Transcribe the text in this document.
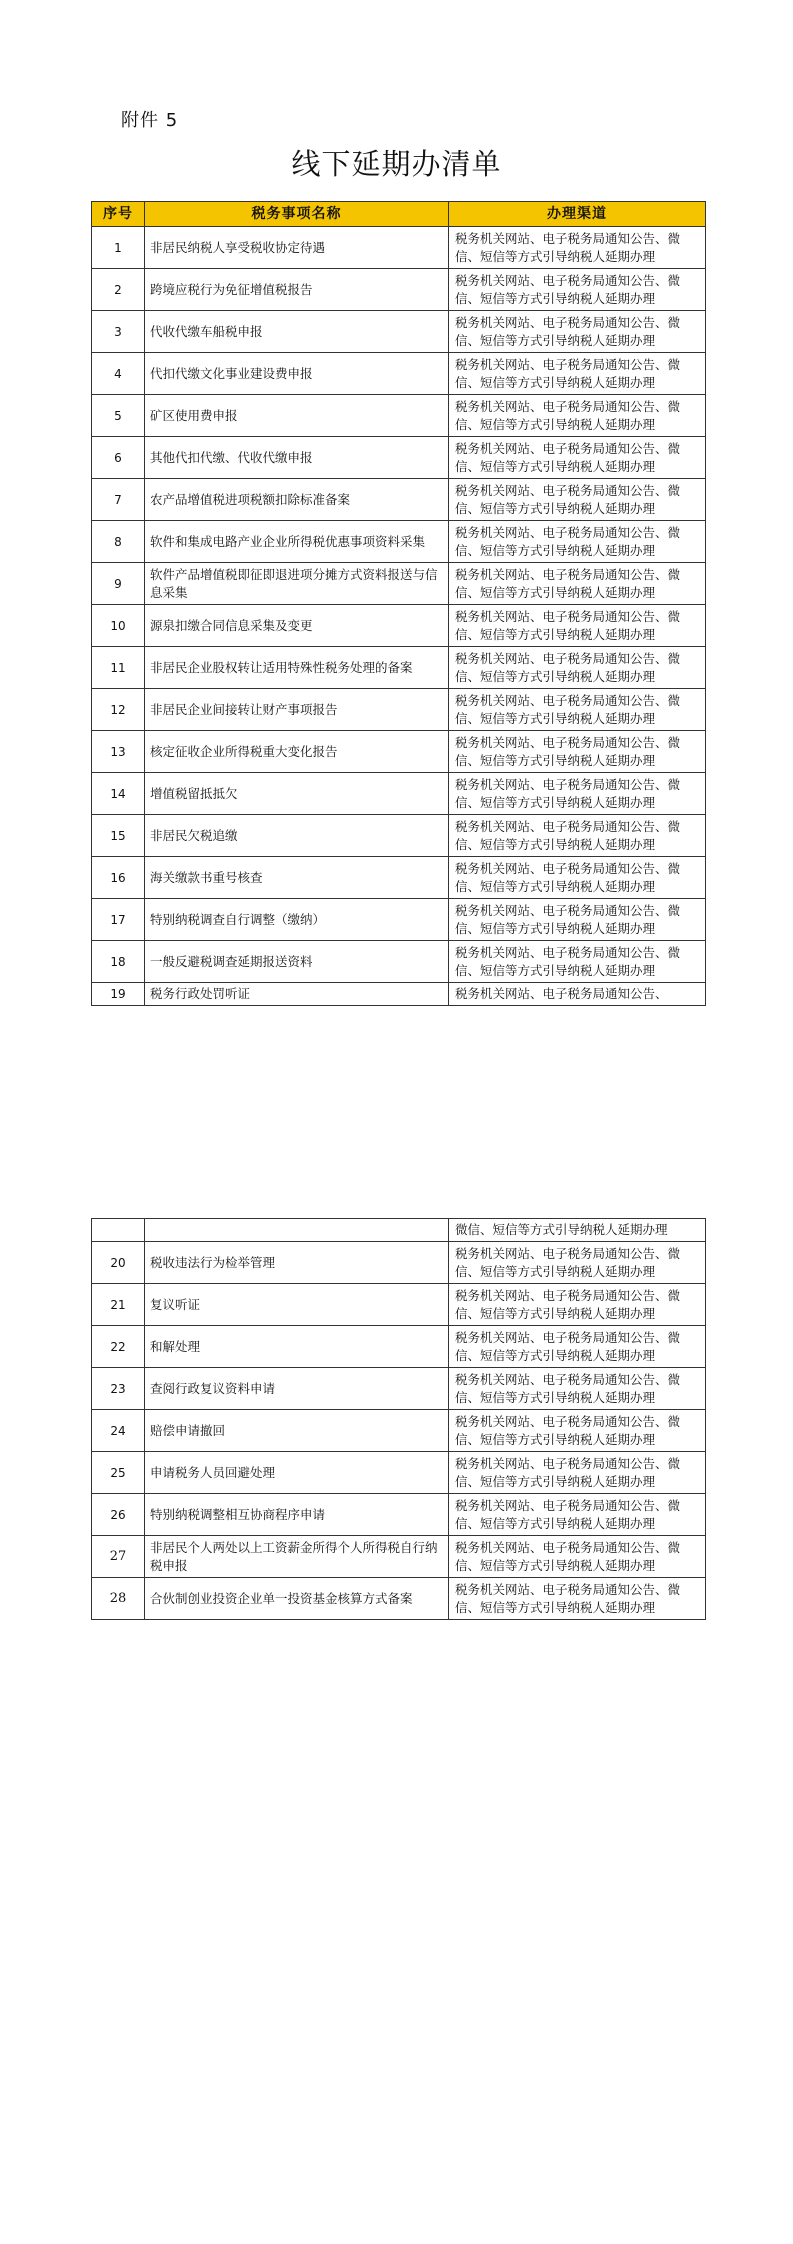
附件 5
线下延期办清单
序号	税务事项名称	办理渠道
1	非居民纳税人享受税收协定待遇	税务机关网站、电子税务局通知公告、微信、短信等方式引导纳税人延期办理
2	跨境应税行为免征增值税报告	税务机关网站、电子税务局通知公告、微信、短信等方式引导纳税人延期办理
3	代收代缴车船税申报	税务机关网站、电子税务局通知公告、微信、短信等方式引导纳税人延期办理
4	代扣代缴文化事业建设费申报	税务机关网站、电子税务局通知公告、微信、短信等方式引导纳税人延期办理
5	矿区使用费申报	税务机关网站、电子税务局通知公告、微信、短信等方式引导纳税人延期办理
6	其他代扣代缴、代收代缴申报	税务机关网站、电子税务局通知公告、微信、短信等方式引导纳税人延期办理
7	农产品增值税进项税额扣除标准备案	税务机关网站、电子税务局通知公告、微信、短信等方式引导纳税人延期办理
8	软件和集成电路产业企业所得税优惠事项资料采集	税务机关网站、电子税务局通知公告、微信、短信等方式引导纳税人延期办理
9	软件产品增值税即征即退进项分摊方式资料报送与信息采集	税务机关网站、电子税务局通知公告、微信、短信等方式引导纳税人延期办理
10	源泉扣缴合同信息采集及变更	税务机关网站、电子税务局通知公告、微信、短信等方式引导纳税人延期办理
11	非居民企业股权转让适用特殊性税务处理的备案	税务机关网站、电子税务局通知公告、微信、短信等方式引导纳税人延期办理
12	非居民企业间接转让财产事项报告	税务机关网站、电子税务局通知公告、微信、短信等方式引导纳税人延期办理
13	核定征收企业所得税重大变化报告	税务机关网站、电子税务局通知公告、微信、短信等方式引导纳税人延期办理
14	增值税留抵抵欠	税务机关网站、电子税务局通知公告、微信、短信等方式引导纳税人延期办理
15	非居民欠税追缴	税务机关网站、电子税务局通知公告、微信、短信等方式引导纳税人延期办理
16	海关缴款书重号核查	税务机关网站、电子税务局通知公告、微信、短信等方式引导纳税人延期办理
17	特别纳税调查自行调整（缴纳）	税务机关网站、电子税务局通知公告、微信、短信等方式引导纳税人延期办理
18	一般反避税调查延期报送资料	税务机关网站、电子税务局通知公告、微信、短信等方式引导纳税人延期办理
19	税务行政处罚听证	税务机关网站、电子税务局通知公告、
		微信、短信等方式引导纳税人延期办理
20	税收违法行为检举管理	税务机关网站、电子税务局通知公告、微信、短信等方式引导纳税人延期办理
21	复议听证	税务机关网站、电子税务局通知公告、微信、短信等方式引导纳税人延期办理
22	和解处理	税务机关网站、电子税务局通知公告、微信、短信等方式引导纳税人延期办理
23	查阅行政复议资料申请	税务机关网站、电子税务局通知公告、微信、短信等方式引导纳税人延期办理
24	赔偿申请撤回	税务机关网站、电子税务局通知公告、微信、短信等方式引导纳税人延期办理
25	申请税务人员回避处理	税务机关网站、电子税务局通知公告、微信、短信等方式引导纳税人延期办理
26	特别纳税调整相互协商程序申请	税务机关网站、电子税务局通知公告、微信、短信等方式引导纳税人延期办理
27	非居民个人两处以上工资薪金所得个人所得税自行纳税申报	税务机关网站、电子税务局通知公告、微信、短信等方式引导纳税人延期办理
28	合伙制创业投资企业单一投资基金核算方式备案	税务机关网站、电子税务局通知公告、微信、短信等方式引导纳税人延期办理
